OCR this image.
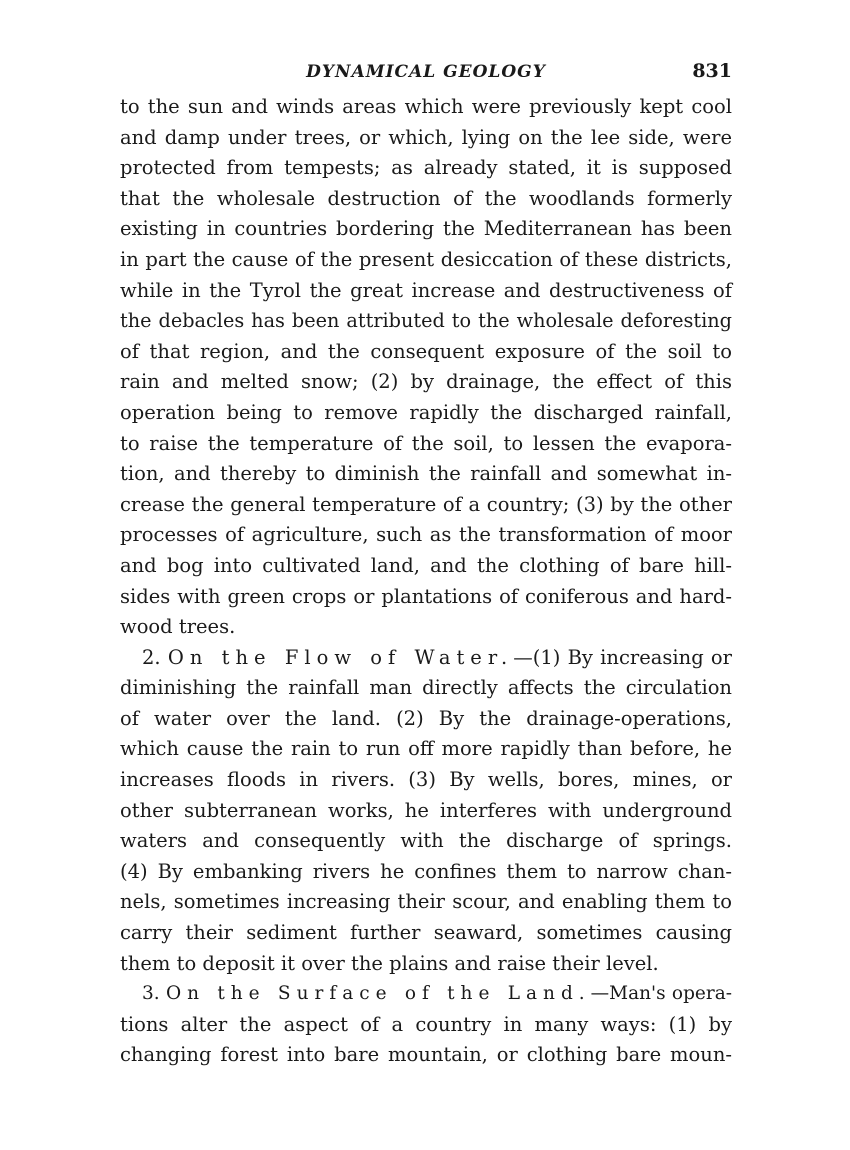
DYNAMICAL GEOLOGY	831
to the sun and winds areas which were previously kept cool
and damp under trees, or which, lying on the lee side, were
protected from tempests; as already stated, it is supposed
that the wholesale destruction of the woodlands formerly
existing in countries bordering the Mediterranean has been
in part the cause of the present desiccation of these districts,
while in the Tyrol the great increase and destructiveness of
the debacles has been attributed to the wholesale deforesting
of that region, and the consequent exposure of the soil to
rain and melted snow; (2) by drainage, the effect of this
operation being to remove rapidly the discharged rainfall,
to raise the temperature of the soil, to lessen the evapora-
tion, and thereby to diminish the rainfall and somewhat in-
crease the general temperature of a country; (3) by the other
processes of agriculture, such as the transformation of moor
and bog into cultivated land, and the clothing of bare hill-
sides with green crops or plantations of coniferous and hard-
wood trees.
2. On the Flow of Water.—(1) By increasing or
diminishing the rainfall man directly affects the circulation
of water over the land. (2) By the drainage-operations,
which cause the rain to run off more rapidly than before, he
increases floods in rivers. (3) By wells, bores, mines, or
other subterranean works, he interferes with underground
waters and consequently with the discharge of springs.
(4) By embanking rivers he confines them to narrow chan-
nels, sometimes increasing their scour, and enabling them to
carry their sediment further seaward, sometimes causing
them to deposit it over the plains and raise their level.
3. On the Surface of the Land.—Man's opera-
tions alter the aspect of a country in many ways: (1) by
changing forest into bare mountain, or clothing bare moun-
